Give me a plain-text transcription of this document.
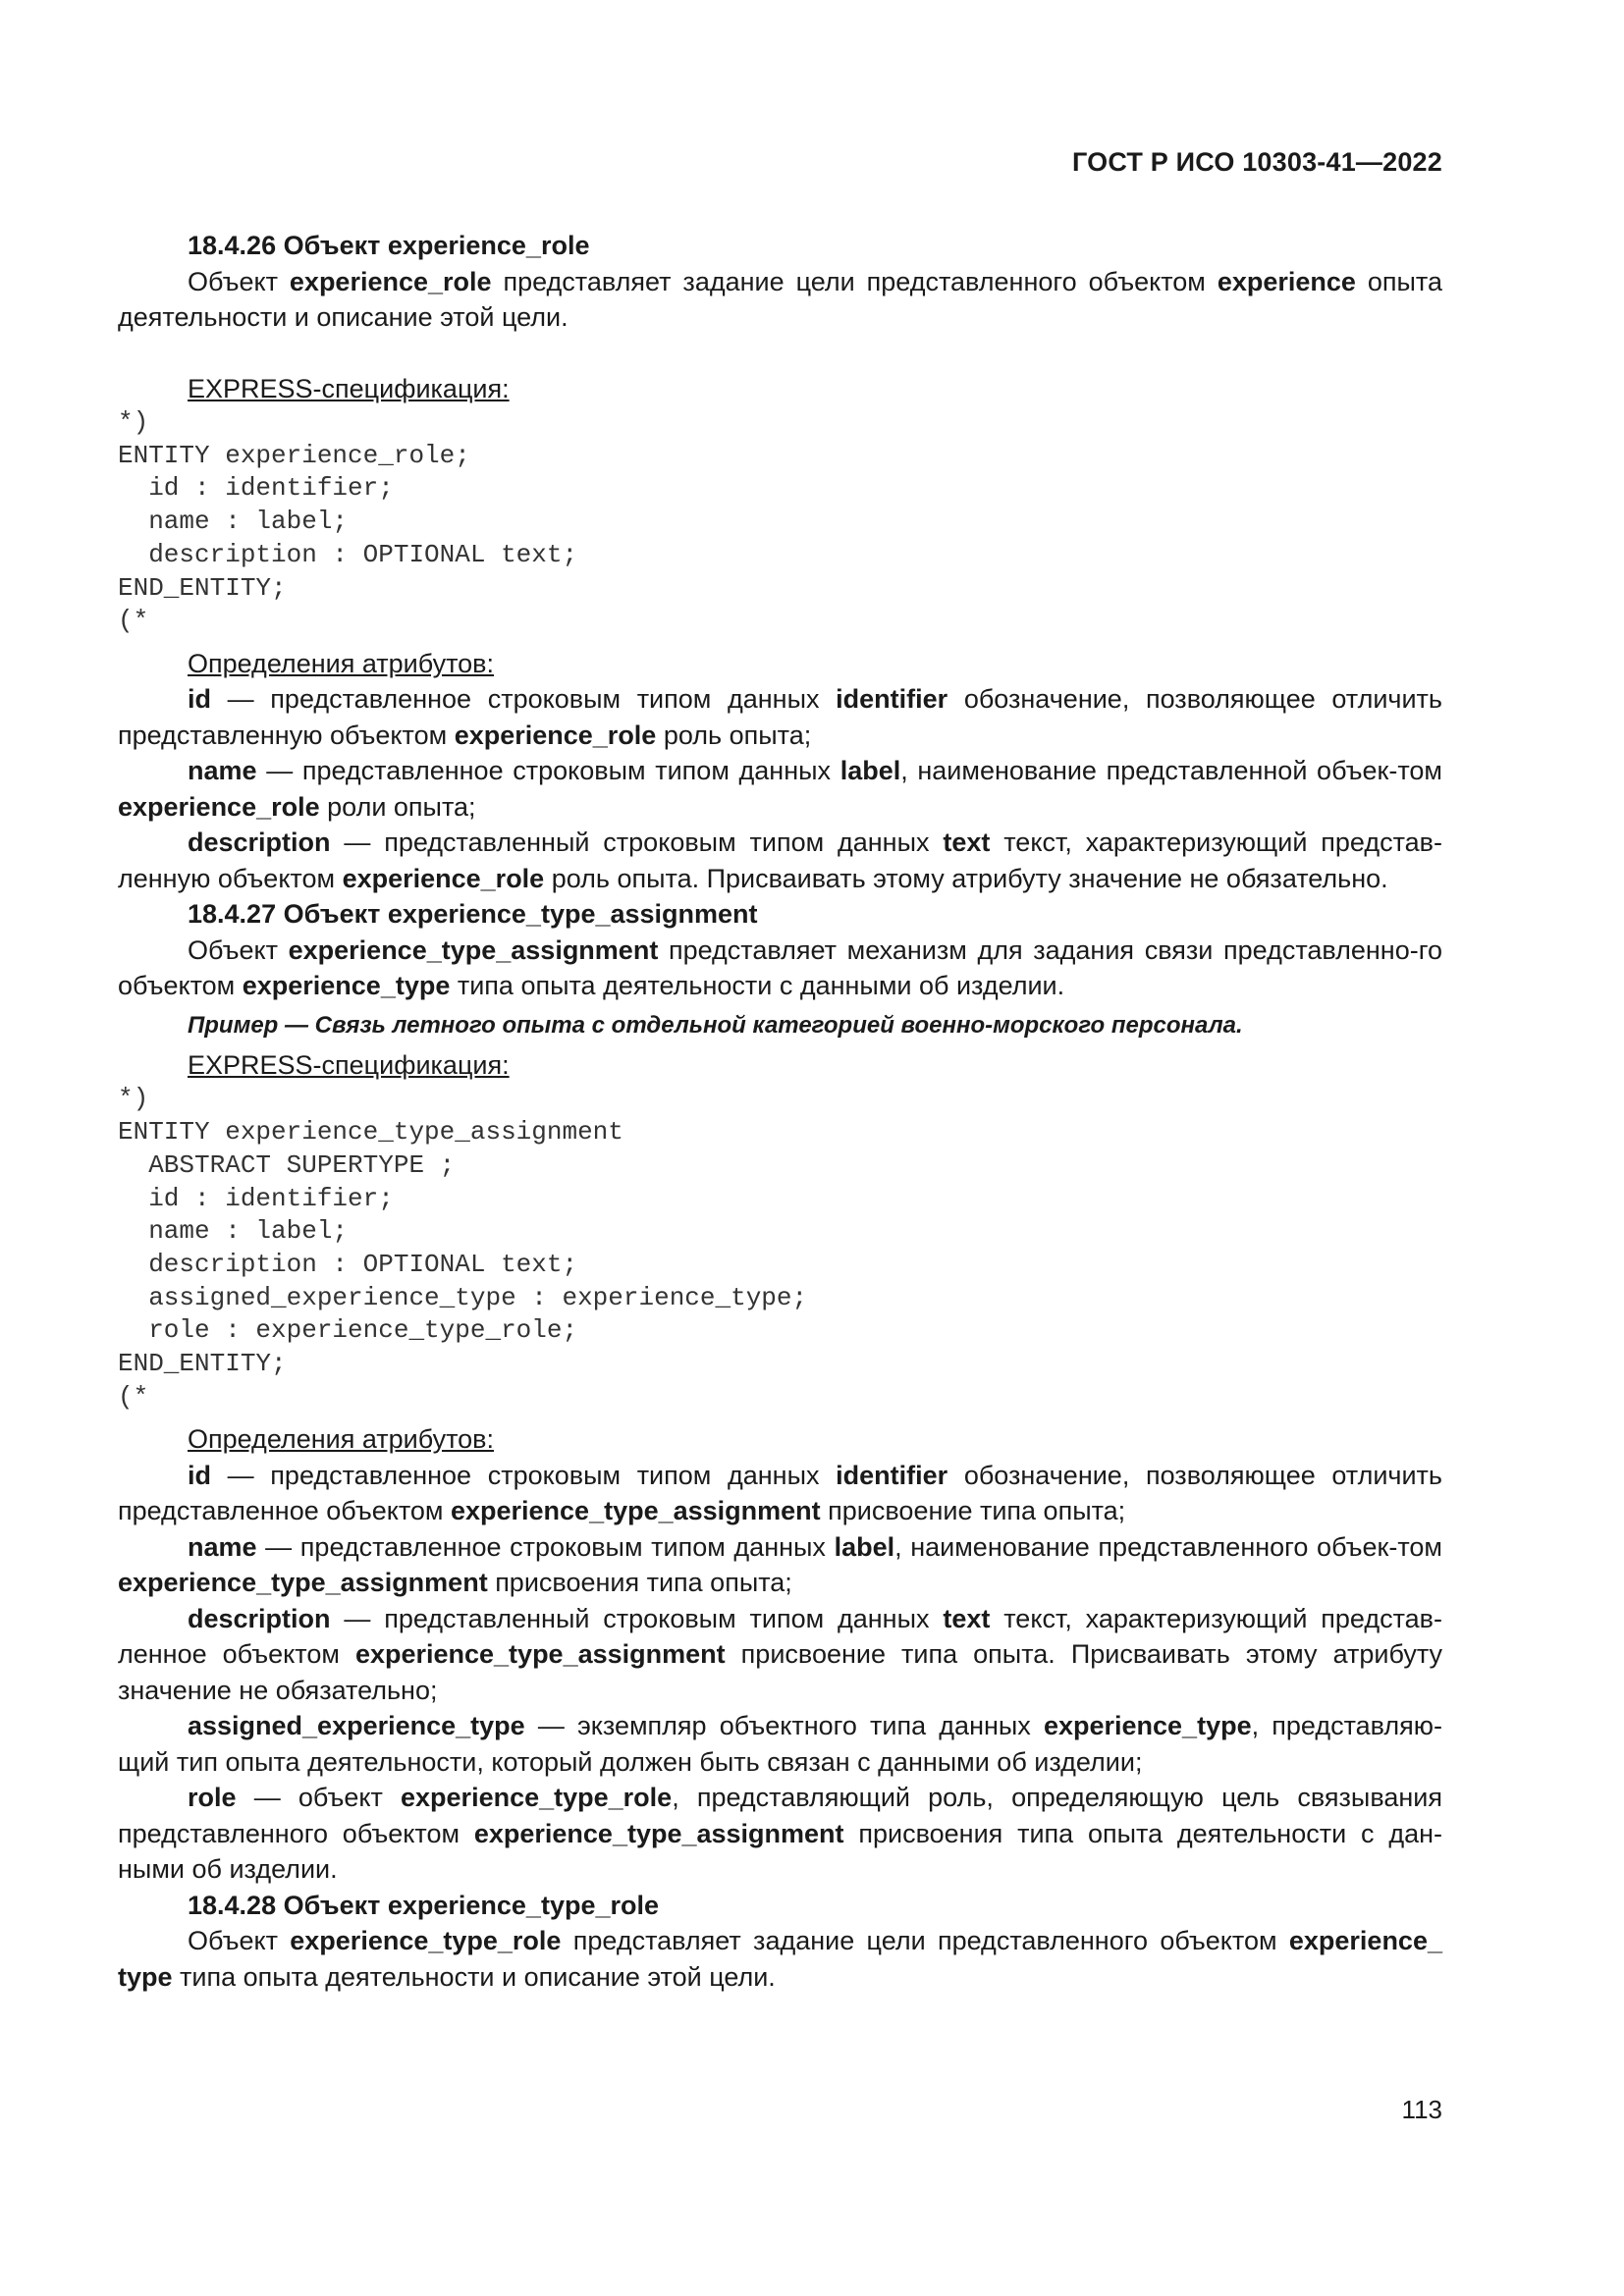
ГОСТ Р ИСО 10303-41—2022

18.4.26 Объект experience_role

Объект experience_role представляет задание цели представленного объектом experience опыта деятельности и описание этой цели.

EXPRESS-спецификация:

*)
ENTITY experience_role;
id : identifier;
name : label;
description : OPTIONAL text;
END_ENTITY;
(*

Определения атрибутов:

id — представленное строковым типом данных identifier обозначение, позволяющее отличить представленную объектом experience_role роль опыта;

name — представленное строковым типом данных label, наименование представленной объек-том experience_role роли опыта;

description — представленный строковым типом данных text текст, характеризующий представ-ленную объектом experience_role роль опыта. Присваивать этому атрибуту значение не обязательно.

18.4.27 Объект experience_type_assignment

Объект experience_type_assignment представляет механизм для задания связи представленно-го объектом experience_type типа опыта деятельности с данными об изделии.

Пример — Связь летного опыта с отдельной категорией военно-морского персонала.

EXPRESS-спецификация:

*)
ENTITY experience_type_assignment
ABSTRACT SUPERTYPE ;
id : identifier;
name : label;
description : OPTIONAL text;
assigned_experience_type : experience_type;
role : experience_type_role;
END_ENTITY;
(*

Определения атрибутов:

id — представленное строковым типом данных identifier обозначение, позволяющее отличить представленное объектом experience_type_assignment присвоение типа опыта;

name — представленное строковым типом данных label, наименование представленного объек-том experience_type_assignment присвоения типа опыта;

description — представленный строковым типом данных text текст, характеризующий представ-ленное объектом experience_type_assignment присвоение типа опыта. Присваивать этому атрибуту значение не обязательно;

assigned_experience_type — экземпляр объектного типа данных experience_type, представляю-щий тип опыта деятельности, который должен быть связан с данными об изделии;

role — объект experience_type_role, представляющий роль, определяющую цель связывания представленного объектом experience_type_assignment присвоения типа опыта деятельности с дан-ными об изделии.

18.4.28 Объект experience_type_role

Объект experience_type_role представляет задание цели представленного объектом experience_ type типа опыта деятельности и описание этой цели.

113
